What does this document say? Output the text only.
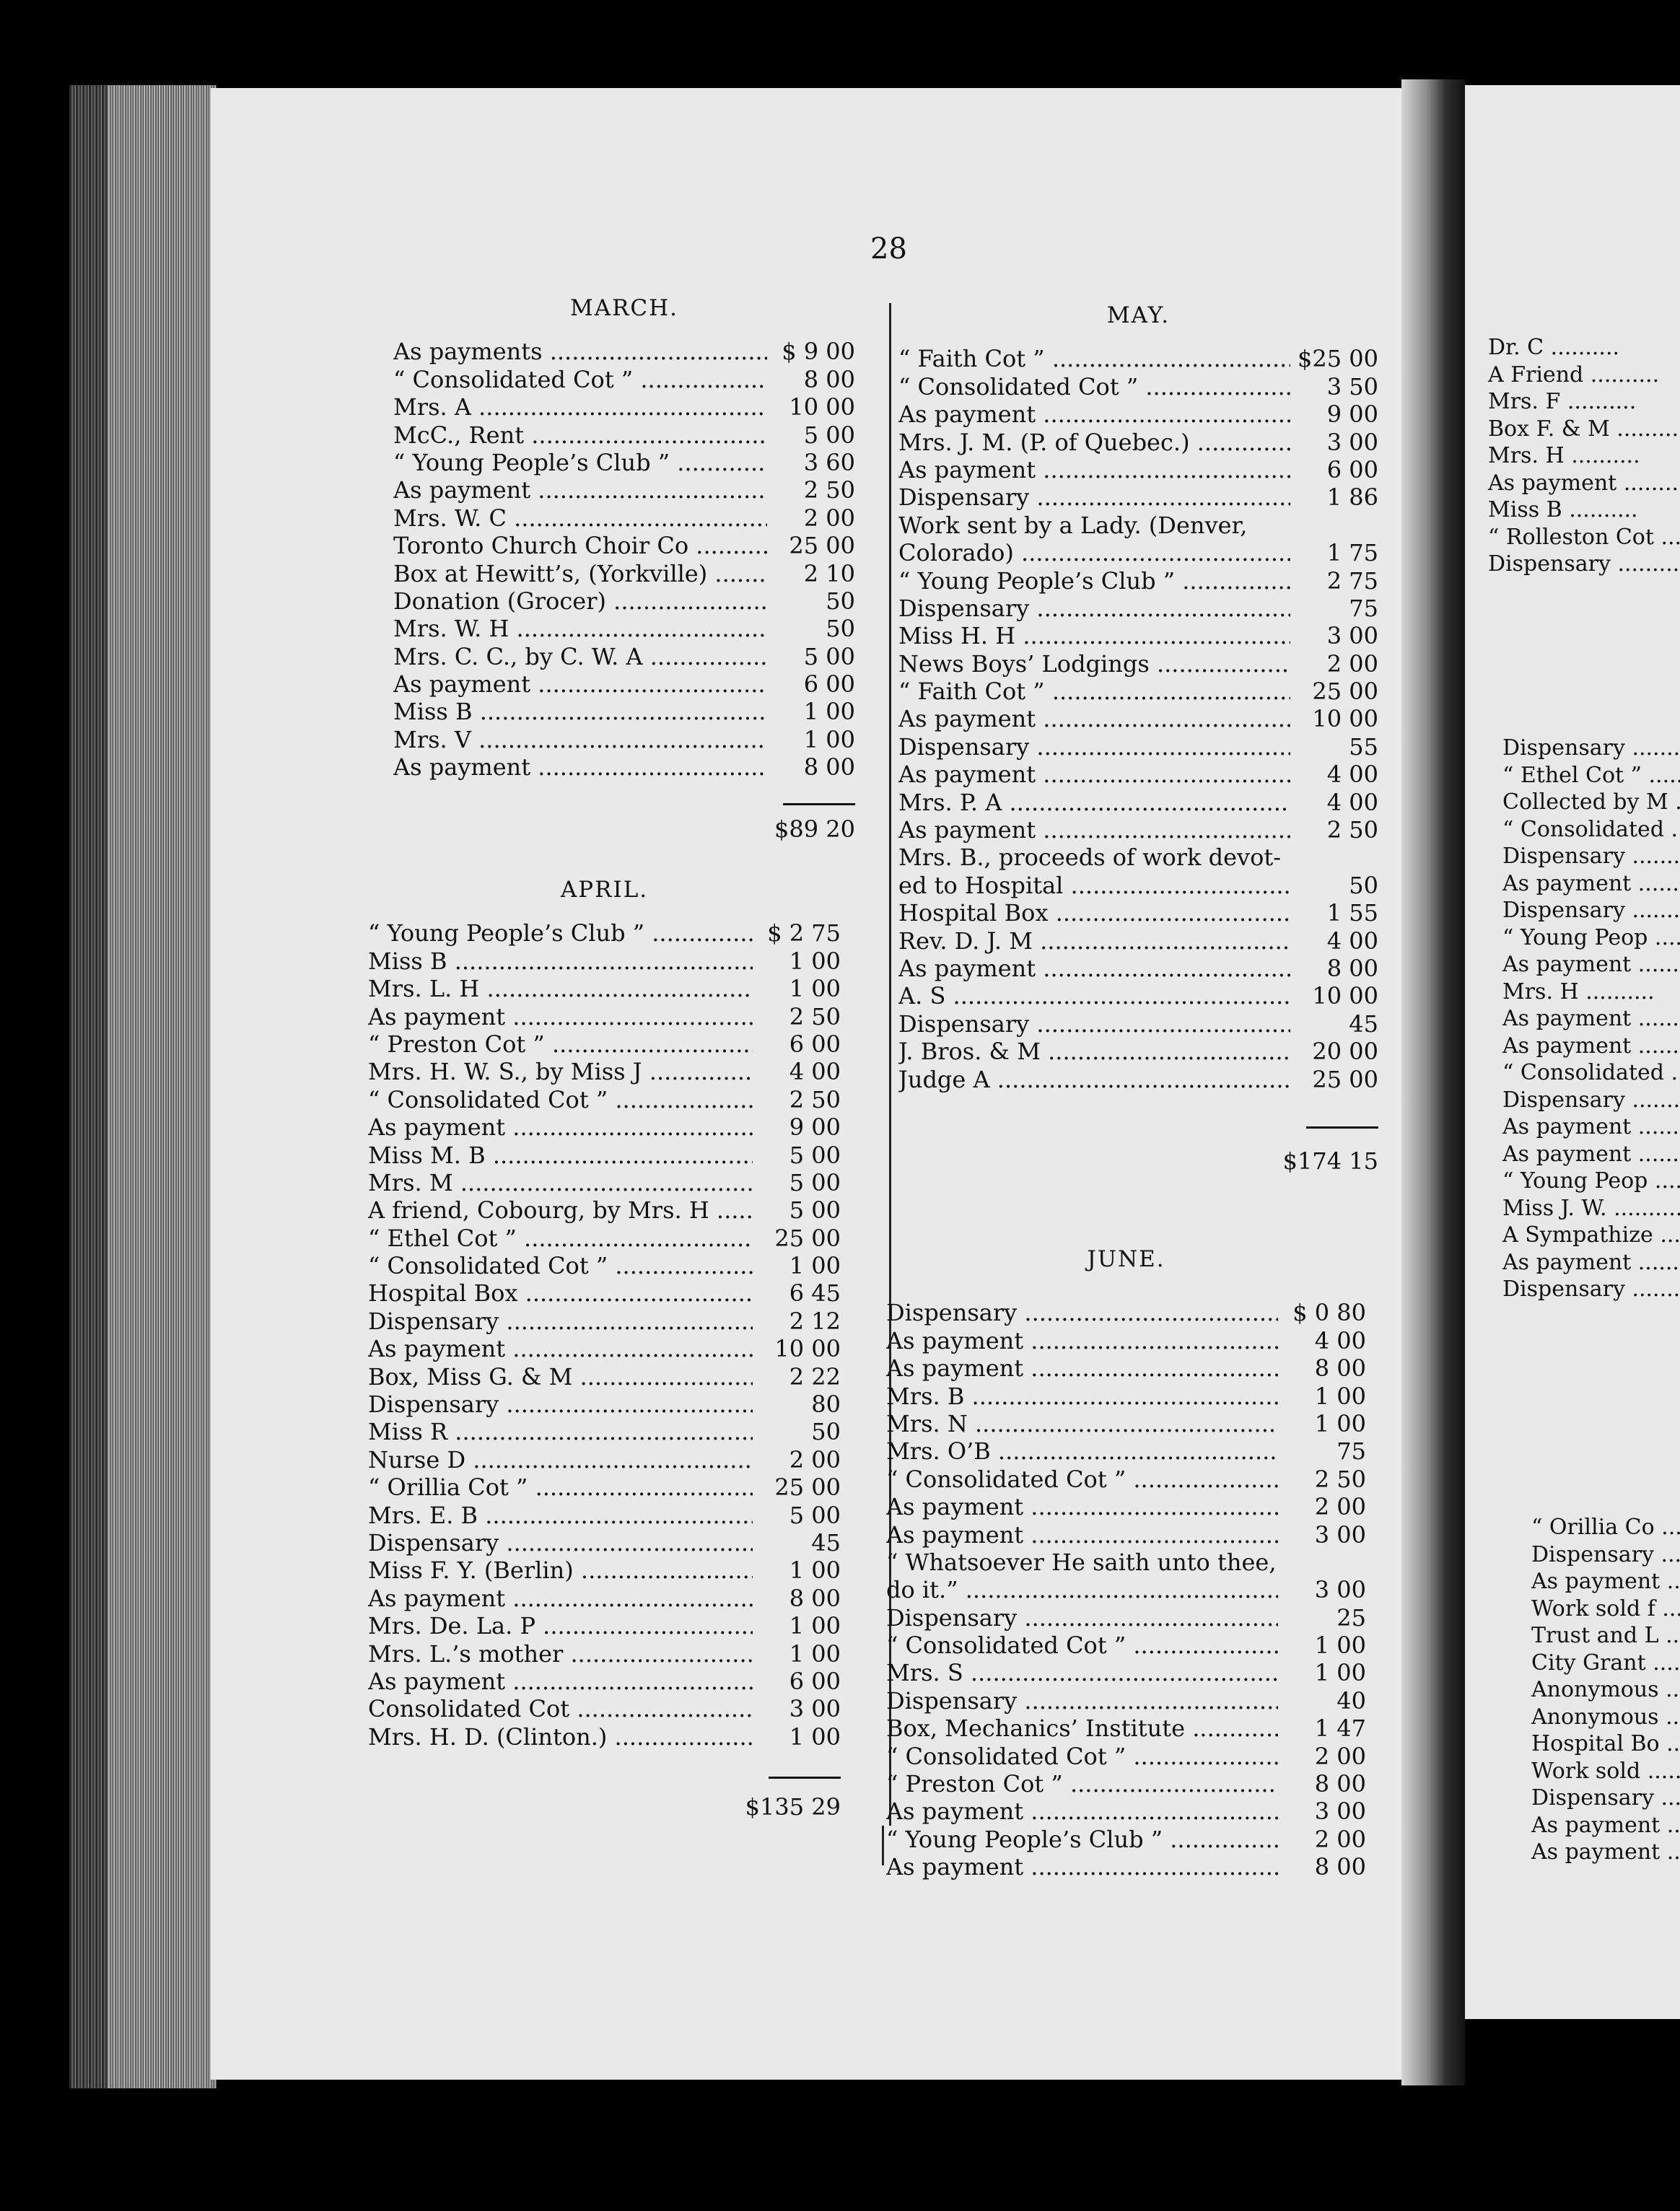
28
MARCH.
As payments .....	$ 9 00
“ Consolidated Cot ” .....	8 00
Mrs. A .....	10 00
McC., Rent .....	5 00
“ Young People’s Club ” .....	3 60
As payment .....	2 50
Mrs. W. C .....	2 00
Toronto Church Choir Co .....	25 00
Box at Hewitt’s, (Yorkville) .....	2 10
Donation (Grocer) .....	50
Mrs. W. H .....	50
Mrs. C. C., by C. W. A .....	5 00
As payment .....	6 00
Miss B .....	1 00
Mrs. V .....	1 00
As payment .....	8 00
$89 20
APRIL.
“ Young People’s Club ” .....	$ 2 75
Miss B .....	1 00
Mrs. L. H .....	1 00
As payment .....	2 50
“ Preston Cot ” .....	6 00
Mrs. H. W. S., by Miss J .....	4 00
“ Consolidated Cot ” .....	2 50
As payment .....	9 00
Miss M. B .....	5 00
Mrs. M .....	5 00
A friend, Cobourg, by Mrs. H .....	5 00
“ Ethel Cot ” .....	25 00
“ Consolidated Cot ” .....	1 00
Hospital Box .....	6 45
Dispensary .....	2 12
As payment .....	10 00
Box, Miss G. & M .....	2 22
Dispensary .....	80
Miss R .....	50
Nurse D .....	2 00
“ Orillia Cot ” .....	25 00
Mrs. E. B .....	5 00
Dispensary .....	45
Miss F. Y. (Berlin) .....	1 00
As payment .....	8 00
Mrs. De. La. P .....	1 00
Mrs. L.’s mother .....	1 00
As payment .....	6 00
Consolidated Cot .....	3 00
Mrs. H. D. (Clinton.) .....	1 00
$135 29
MAY.
“ Faith Cot ” .....	$25 00
“ Consolidated Cot ” .....	3 50
As payment .....	9 00
Mrs. J. M. (P. of Quebec.) .....	3 00
As payment .....	6 00
Dispensary .....	1 86
Work sent by a Lady. (Denver,
Colorado) .....	1 75
“ Young People’s Club ” .....	2 75
Dispensary .....	75
Miss H. H .....	3 00
News Boys’ Lodgings .....	2 00
“ Faith Cot ” .....	25 00
As payment .....	10 00
Dispensary .....	55
As payment .....	4 00
Mrs. P. A .....	4 00
As payment .....	2 50
Mrs. B., proceeds of work devot-
ed to Hospital .....	50
Hospital Box .....	1 55
Rev. D. J. M .....	4 00
As payment .....	8 00
A. S .....	10 00
Dispensary .....	45
J. Bros. & M .....	20 00
Judge A .....	25 00
$174 15
JUNE.
Dispensary .....	$ 0 80
As payment .....	4 00
As payment .....	8 00
Mrs. B .....	1 00
Mrs. N .....	1 00
Mrs. O’B .....	75
“ Consolidated Cot ” .....	2 50
As payment .....	2 00
As payment .....	3 00
“ Whatsoever He saith unto thee,
do it.” .....	3 00
Dispensary .....	25
“ Consolidated Cot ” .....	1 00
Mrs. S .....	1 00
Dispensary .....	40
Box, Mechanics’ Institute .....	1 47
“ Consolidated Cot ” .....	2 00
“ Preston Cot ” .....	8 00
As payment .....	3 00
“ Young People’s Club ” .....	2 00
As payment .....	8 00
Dr. C .....
A Friend .....
Mrs. F .....
Box F. & M .....
Mrs. H .....
As payment .....
Miss B .....
“ Rolleston Cot .....
Dispensary .....
Dispensary .....
“ Ethel Cot ” .....
Collected by M .....
“ Consolidated .....
Dispensary .....
As payment .....
Dispensary .....
“ Young Peop .....
As payment .....
Mrs. H .....
As payment .....
As payment .....
“ Consolidated .....
Dispensary .....
As payment .....
As payment .....
“ Young Peop .....
Miss J. W. .....
A Sympathize .....
As payment .....
Dispensary .....
“ Orillia Co .....
Dispensary .....
As payment .....
Work sold f .....
Trust and L .....
City Grant .....
Anonymous .....
Anonymous .....
Hospital Bo .....
Work sold .....
Dispensary .....
As payment .....
As payment .....
